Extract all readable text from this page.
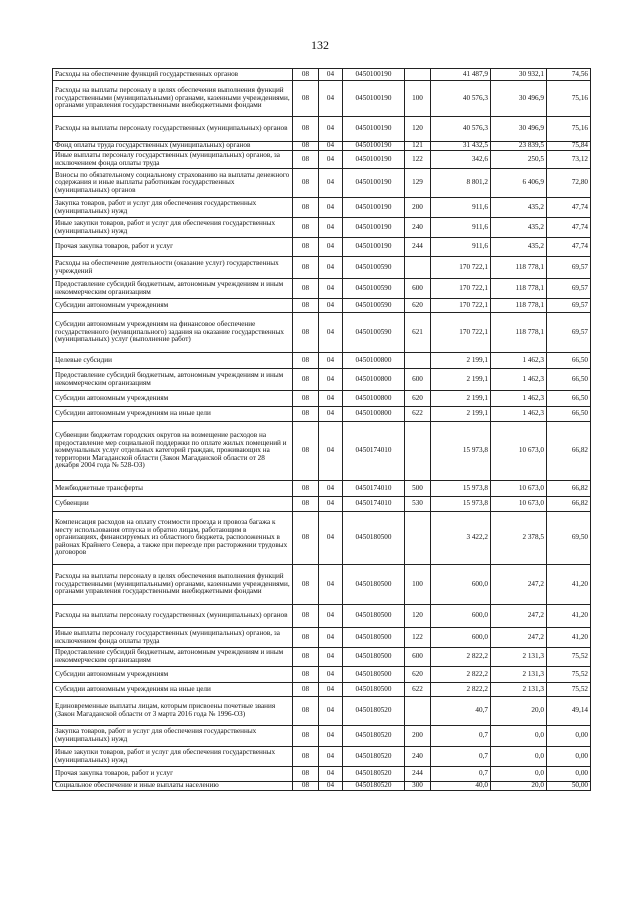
132
Расходы на обеспечение функций государственных органов	08	04	0450100190		41 487,9	30 932,1	74,56
Расходы на выплаты персоналу в целях обеспечения выполнения функций государственными (муниципальными) органами, казенными учреждениями, органами управления государственными внебюджетными фондами	08	04	0450100190	100	40 576,3	30 496,9	75,16
Расходы на выплаты персоналу государственных (муниципальных) органов	08	04	0450100190	120	40 576,3	30 496,9	75,16
Фонд оплаты труда государственных (муниципальных) органов	08	04	0450100190	121	31 432,5	23 839,5	75,84
Иные выплаты персоналу государственных (муниципальных) органов, за исключением фонда оплаты труда	08	04	0450100190	122	342,6	250,5	73,12
Взносы по обязательному социальному страхованию на выплаты денежного содержания и иные выплаты работникам государственных (муниципальных) органов	08	04	0450100190	129	8 801,2	6 406,9	72,80
Закупка товаров, работ и услуг для обеспечения государственных (муниципальных) нужд	08	04	0450100190	200	911,6	435,2	47,74
Иные закупки товаров, работ и услуг для обеспечения государственных (муниципальных) нужд	08	04	0450100190	240	911,6	435,2	47,74
Прочая закупка товаров, работ и услуг	08	04	0450100190	244	911,6	435,2	47,74
Расходы на обеспечение деятельности (оказание услуг) государственных учреждений	08	04	0450100590		170 722,1	118 778,1	69,57
Предоставление субсидий бюджетным, автономным учреждениям и иным некоммерческим организациям	08	04	0450100590	600	170 722,1	118 778,1	69,57
Субсидии автономным учреждениям	08	04	0450100590	620	170 722,1	118 778,1	69,57
Субсидии автономным учреждениям на финансовое обеспечение государственного (муниципального) задания на оказание государственных (муниципальных) услуг (выполнение работ)	08	04	0450100590	621	170 722,1	118 778,1	69,57
Целевые субсидии	08	04	0450100800		2 199,1	1 462,3	66,50
Предоставление субсидий бюджетным, автономным учреждениям и иным некоммерческим организациям	08	04	0450100800	600	2 199,1	1 462,3	66,50
Субсидии автономным учреждениям	08	04	0450100800	620	2 199,1	1 462,3	66,50
Субсидии автономным учреждениям на иные цели	08	04	0450100800	622	2 199,1	1 462,3	66,50
Субвенции бюджетам городских округов на возмещение расходов на предоставление мер социальной поддержки по оплате жилых помещений и коммунальных услуг отдельных категорий граждан, проживающих на территории Магаданской области (Закон Магаданской области от 28 декабря 2004 года № 528-ОЗ)	08	04	0450174010		15 973,8	10 673,0	66,82
Межбюджетные трансферты	08	04	0450174010	500	15 973,8	10 673,0	66,82
Субвенции	08	04	0450174010	530	15 973,8	10 673,0	66,82
Компенсация расходов на оплату стоимости проезда и провоза багажа к месту использования отпуска и обратно лицам, работающим в организациях, финансируемых из областного бюджета, расположенных в районах Крайнего Севера, а также при переезде при расторжении трудовых договоров	08	04	0450180500		3 422,2	2 378,5	69,50
Расходы на выплаты персоналу в целях обеспечения выполнения функций государственными (муниципальными) органами, казенными учреждениями, органами управления государственными внебюджетными фондами	08	04	0450180500	100	600,0	247,2	41,20
Расходы на выплаты персоналу государственных (муниципальных) органов	08	04	0450180500	120	600,0	247,2	41,20
Иные выплаты персоналу государственных (муниципальных) органов, за исключением фонда оплаты труда	08	04	0450180500	122	600,0	247,2	41,20
Предоставление субсидий бюджетным, автономным учреждениям и иным некоммерческим организациям	08	04	0450180500	600	2 822,2	2 131,3	75,52
Субсидии автономным учреждениям	08	04	0450180500	620	2 822,2	2 131,3	75,52
Субсидии автономным учреждениям на иные цели	08	04	0450180500	622	2 822,2	2 131,3	75,52
Единовременные выплаты лицам, которым присвоены почетные звания (Закон Магаданской области от 3 марта 2016 года № 1996-ОЗ)	08	04	0450180520		40,7	20,0	49,14
Закупка товаров, работ и услуг для обеспечения государственных (муниципальных) нужд	08	04	0450180520	200	0,7	0,0	0,00
Иные закупки товаров, работ и услуг для обеспечения государственных (муниципальных) нужд	08	04	0450180520	240	0,7	0,0	0,00
Прочая закупка товаров, работ и услуг	08	04	0450180520	244	0,7	0,0	0,00
Социальное обеспечение и иные выплаты населению	08	04	0450180520	300	40,0	20,0	50,00
